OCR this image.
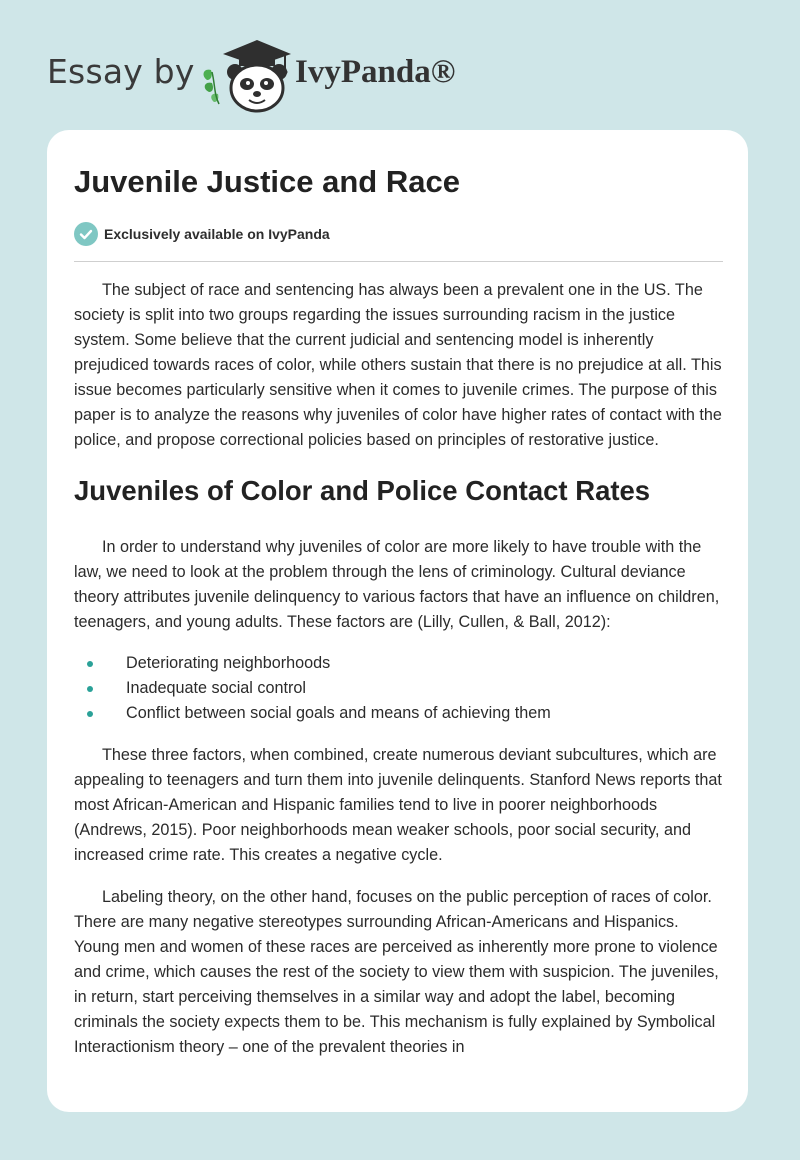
Essay by	IvyPanda®
Juvenile Justice and Race
Exclusively available on IvyPanda

The subject of race and sentencing has always been a prevalent one in the US. The society is split into two groups regarding the issues surrounding racism in the justice system. Some believe that the current judicial and sentencing model is inherently prejudiced towards races of color, while others sustain that there is no prejudice at all. This issue becomes particularly sensitive when it comes to juvenile crimes. The purpose of this paper is to analyze the reasons why juveniles of color have higher rates of contact with the police, and propose correctional policies based on principles of restorative justice.

Juveniles of Color and Police Contact Rates

In order to understand why juveniles of color are more likely to have trouble with the law, we need to look at the problem through the lens of criminology. Cultural deviance theory attributes juvenile delinquency to various factors that have an influence on children, teenagers, and young adults. These factors are (Lilly, Cullen, & Ball, 2012):

Deteriorating neighborhoods
Inadequate social control
Conflict between social goals and means of achieving them

These three factors, when combined, create numerous deviant subcultures, which are appealing to teenagers and turn them into juvenile delinquents. Stanford News reports that most African-American and Hispanic families tend to live in poorer neighborhoods (Andrews, 2015). Poor neighborhoods mean weaker schools, poor social security, and increased crime rate. This creates a negative cycle.

Labeling theory, on the other hand, focuses on the public perception of races of color. There are many negative stereotypes surrounding African-Americans and Hispanics. Young men and women of these races are perceived as inherently more prone to violence and crime, which causes the rest of the society to view them with suspicion. The juveniles, in return, start perceiving themselves in a similar way and adopt the label, becoming criminals the society expects them to be. This mechanism is fully explained by Symbolical Interactionism theory – one of the prevalent theories in
